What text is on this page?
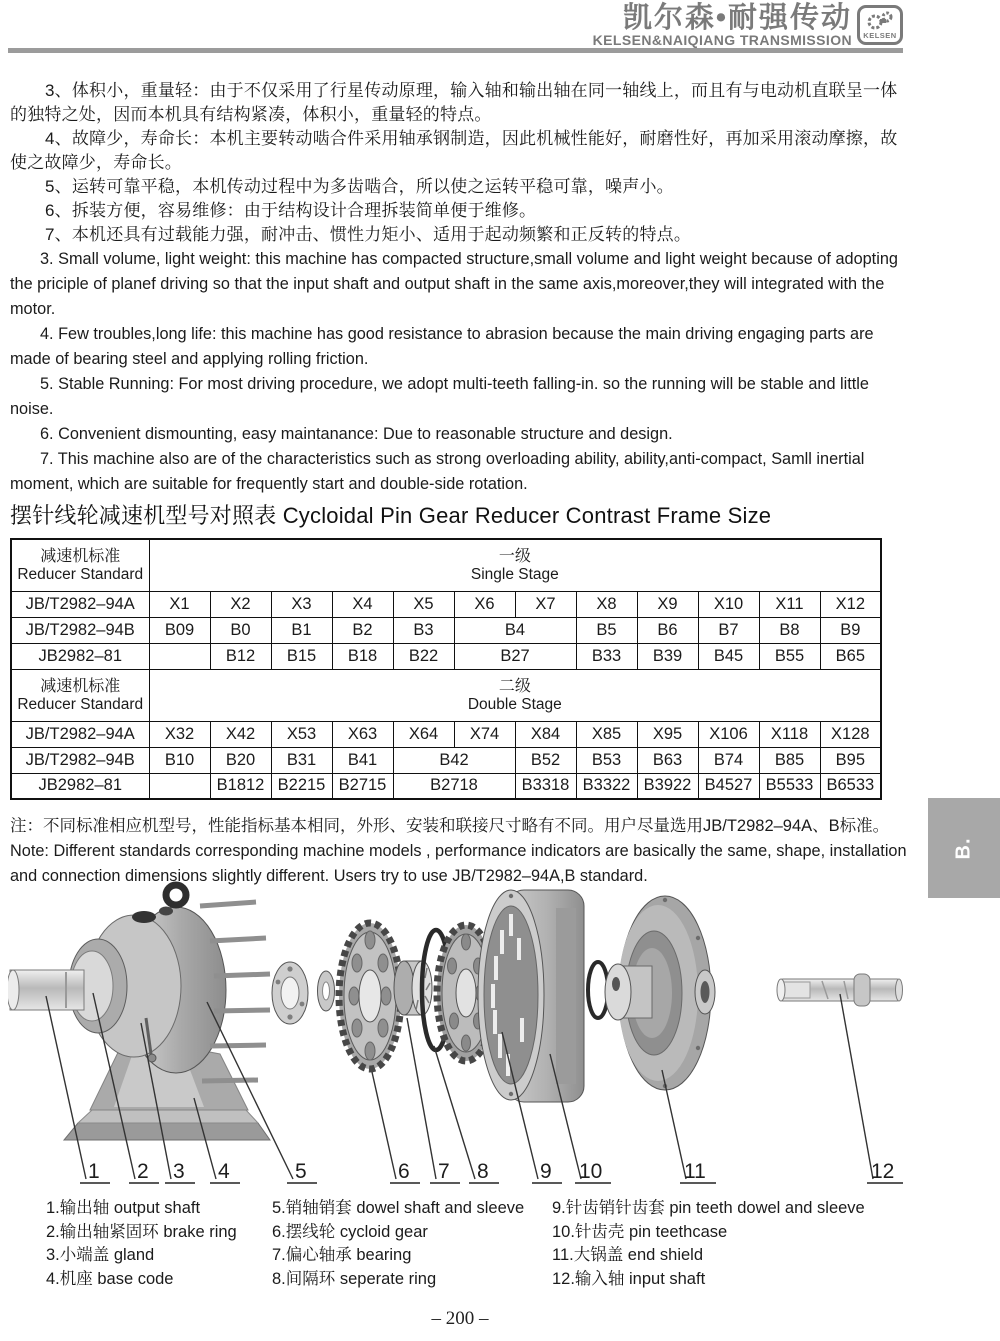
凯尔森•耐强传动
KELSEN&NAIQIANG TRANSMISSION KELSEN

3、体积小，重量轻：由于不仅采用了行星传动原理，输入轴和输出轴在同一轴线上，而且有与电动机直联呈一体的独特之处，因而本机具有结构紧凑，体积小，重量轻的特点。

4、故障少，寿命长：本机主要转动啮合件采用轴承钢制造，因此机械性能好，耐磨性好，再加采用滚动摩擦，故使之故障少，寿命长。

5、运转可靠平稳，本机传动过程中为多齿啮合，所以使之运转平稳可靠，噪声小。

6、拆装方便，容易维修：由于结构设计合理拆装简单便于维修。

7、本机还具有过载能力强，耐冲击、惯性力矩小、适用于起动频繁和正反转的特点。

3. Small volume, light weight: this machine has compacted structure,small volume and light weight because of adopting the priciple of planef driving so that the input shaft and output shaft in the same axis,moreover,they will integrated with the motor.

4. Few troubles,long life: this machine has good resistance to abrasion because the main driving engaging parts are made of bearing steel and applying rolling friction.

5. Stable Running: For most driving procedure, we adopt multi-teeth falling-in. so the running will be stable and little noise.

6. Convenient dismounting, easy maintanance: Due to reasonable structure and design.

7. This machine also are of the characteristics such as strong overloading ability, ability,anti-compact, Samll inertial moment, which are suitable for frequently start and double-side rotation.

摆针线轮减速机型号对照表 Cycloidal Pin Gear Reducer Contrast Frame Size
减速机标准
Reducer Standard

一级
Single Stage

JB/T2982–94A	X1	X2	X3	X4	X5	X6	X7	X8	X9	X10	X11	X12
JB/T2982–94B	B09	B0	B1	B2	B3	B4		B5	B6	B7	B8	B9
JB2982–81		B12	B15	B18	B22	B27		B33	B39	B45	B55	B65

减速机标准
Reducer Standard

二级
Double Stage

JB/T2982–94A	X32	X42	X53	X63	X64	X74	X84	X85	X95	X106	X118	X128
JB/T2982–94B	B10	B20	B31	B41	B42		B52	B53	B63	B74	B85	B95
JB2982–81		B1812	B2215	B2715	B2718		B3318	B3322	B3922	B4527	B5533	B6533

注：不同标准相应机型号，性能指标基本相同，外形、安装和联接尺寸略有不同。用户尽量选用JB/T2982–94A、B标准。

Note: Different standards corresponding machine models , performance indicators are basically the same, shape, installation and connection dimensions slightly different. Users try to use JB/T2982–94A,B standard.

B.
1 2 3 4	5	6 7 8 9 10	11	12
1.输出轴 output shaft
2.输出轴紧固环 brake ring
3.小端盖 gland
4.机座 base code
5.销轴销套 dowel shaft and sleeve
6.摆线轮 cycloid gear
7.偏心轴承 bearing
8.间隔环 seperate ring
9.针齿销针齿套 pin teeth dowel and sleeve
10.针齿壳 pin teethcase
11.大锅盖 end shield
12.输入轴 input shaft
– 200 –
